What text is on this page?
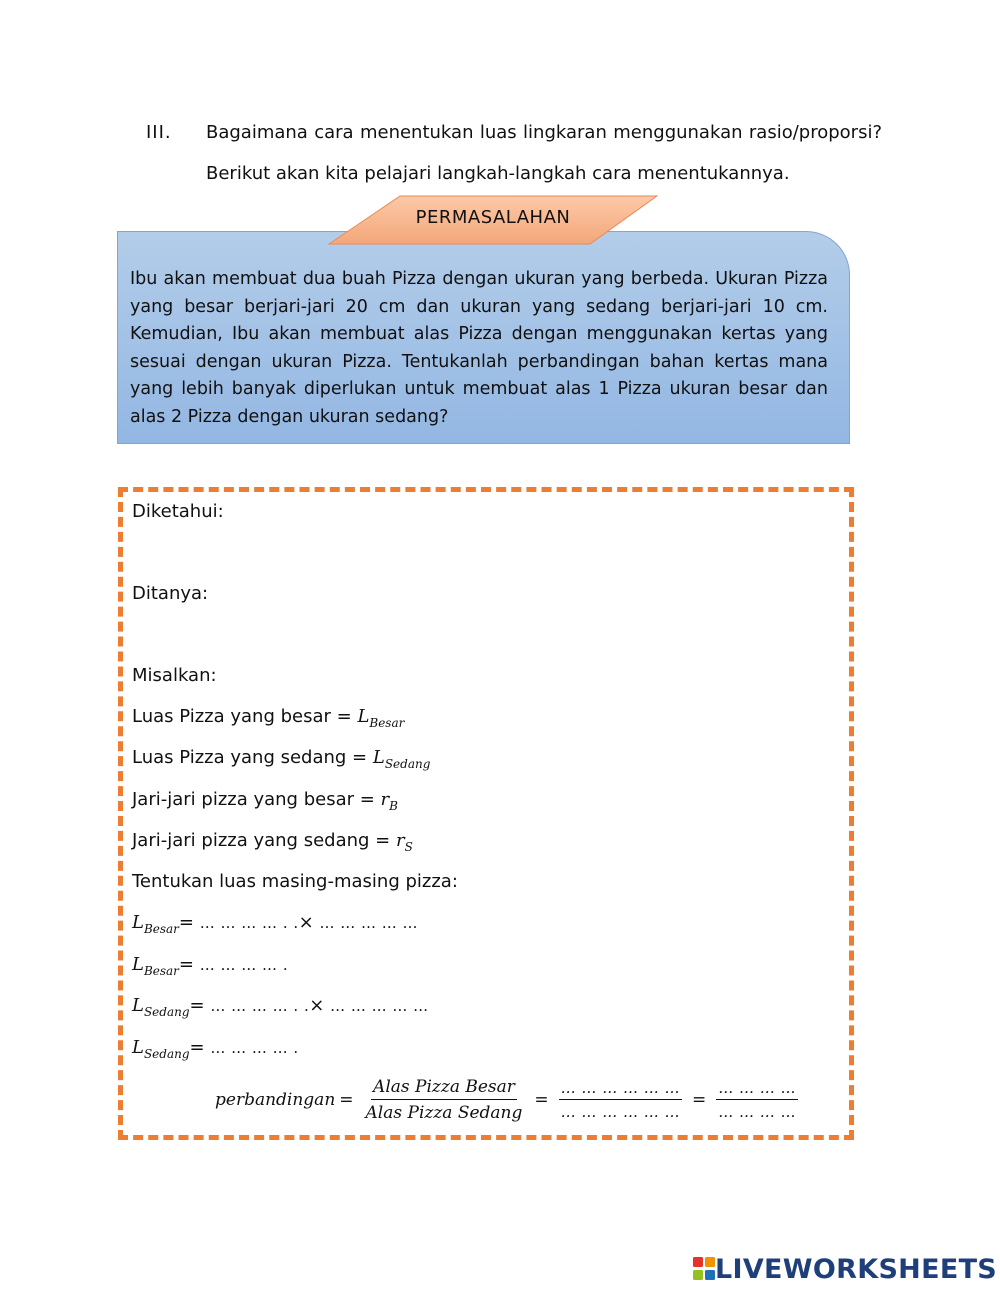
III. Bagaimana cara menentukan luas lingkaran menggunakan rasio/proporsi?
Berikut akan kita pelajari langkah-langkah cara menentukannya.
PERMASALAHAN
Ibu akan membuat dua buah Pizza dengan ukuran yang berbeda. Ukuran Pizza yang besar berjari-jari 20 cm dan ukuran yang sedang berjari-jari 10 cm. Kemudian, Ibu akan membuat alas Pizza dengan menggunakan kertas yang sesuai dengan ukuran Pizza. Tentukanlah perbandingan bahan kertas mana yang lebih banyak diperlukan untuk membuat alas 1 Pizza ukuran besar dan alas 2 Pizza dengan ukuran sedang?
Diketahui:
Ditanya:
Misalkan:
Luas Pizza yang besar = $L_{Besar}$
Luas Pizza yang sedang = $L_{Sedang}$
Jari-jari pizza yang besar = $r_B$
Jari-jari pizza yang sedang = $r_S$
Tentukan luas masing-masing pizza:
$L_{Besar}=$ … … … … . .× … … … … …
$L_{Besar}=$ … … … … .
$L_{Sedang}=$ … … … … . .× … … … … …
$L_{Sedang}=$ … … … … .
perbandingan = $\frac{\text{Alas Pizza Besar}}{\text{Alas Pizza Sedang}} = \frac{\dots \dots \dots \dots \dots \dots}{\dots \dots \dots \dots \dots \dots} = \frac{\dots \dots \dots \dots}{\dots \dots \dots \dots}$
LIVEWORKSHEETS
